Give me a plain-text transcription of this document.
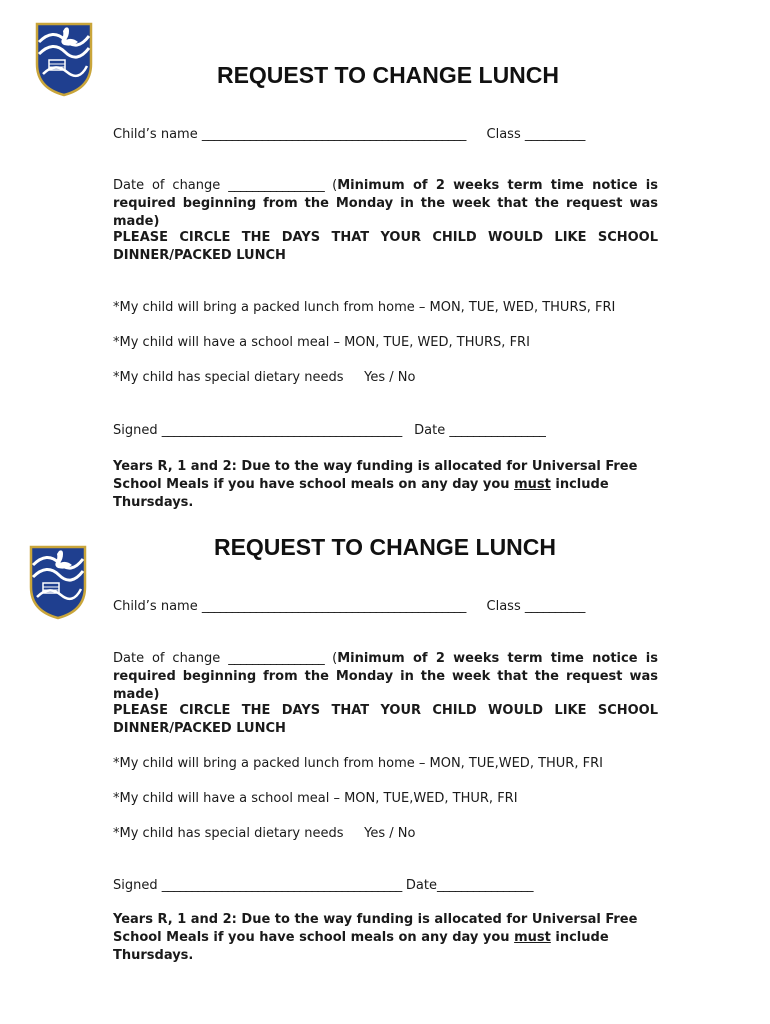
REQUEST TO CHANGE LUNCH

Child’s name ____________________________________________ Class __________

Date of change ________________ (Minimum of 2 weeks term time notice is required beginning from the Monday in the week that the request was made)

PLEASE CIRCLE THE DAYS THAT YOUR CHILD WOULD LIKE SCHOOL DINNER/PACKED LUNCH

*My child will bring a packed lunch from home – MON, TUE, WED, THURS, FRI

*My child will have a school meal – MON, TUE, WED, THURS, FRI

*My child has special dietary needs Yes / No

Signed ________________________________________ Date ________________

Years R, 1 and 2: Due to the way funding is allocated for Universal Free School Meals if you have school meals on any day you must include Thursdays.

REQUEST TO CHANGE LUNCH

Child’s name ____________________________________________ Class __________

Date of change ________________ (Minimum of 2 weeks term time notice is required beginning from the Monday in the week that the request was made)

PLEASE CIRCLE THE DAYS THAT YOUR CHILD WOULD LIKE SCHOOL DINNER/PACKED LUNCH

*My child will bring a packed lunch from home – MON, TUE,WED, THUR, FRI

*My child will have a school meal – MON, TUE,WED, THUR, FRI

*My child has special dietary needs Yes / No

Signed ________________________________________ Date________________

Years R, 1 and 2: Due to the way funding is allocated for Universal Free School Meals if you have school meals on any day you must include Thursdays.
